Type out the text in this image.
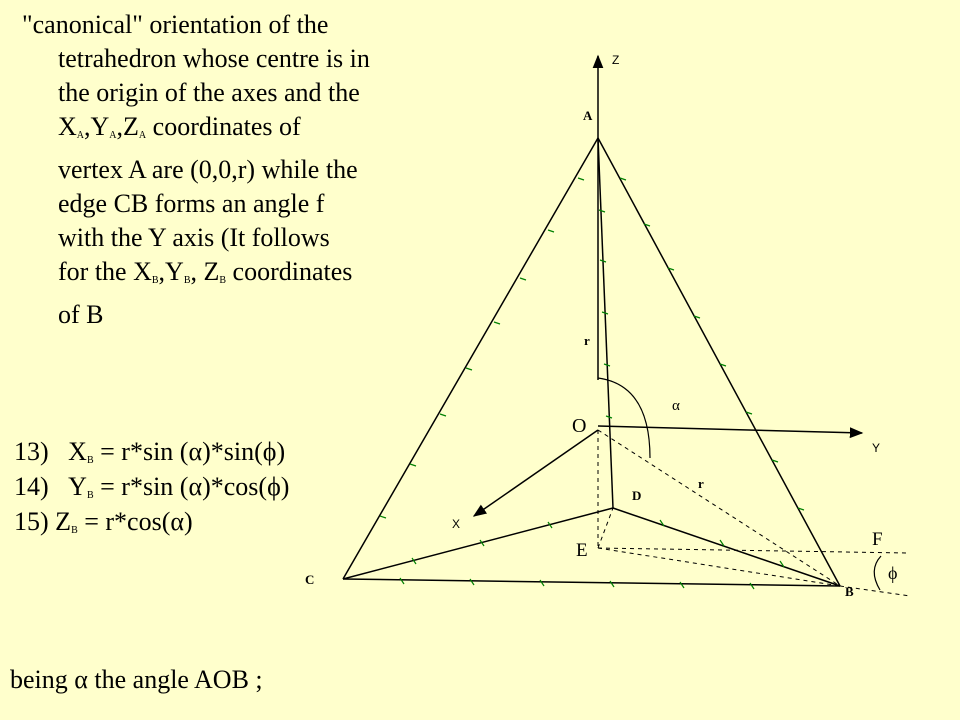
"canonical" orientation of the
tetrahedron whose centre is in
the origin of the axes and the
$X_A,Y_A,Z_A$ coordinates of
vertex A are (0,0,r) while the
edge CB forms an angle f
with the Y axis (It follows
for the $X_B,Y_B$, $Z_B$ coordinates
of B
13) $X_B = r*\sin$ (α)*sin(ϕ)
14) $Y_B = r*\sin$ (α)*cos(ϕ)
15) $Z_B = r*\cos(\alpha)$
being α the angle AOB ;
Z
Y
X
A
B
C
D
O
E
F
r
r
α
ϕ
